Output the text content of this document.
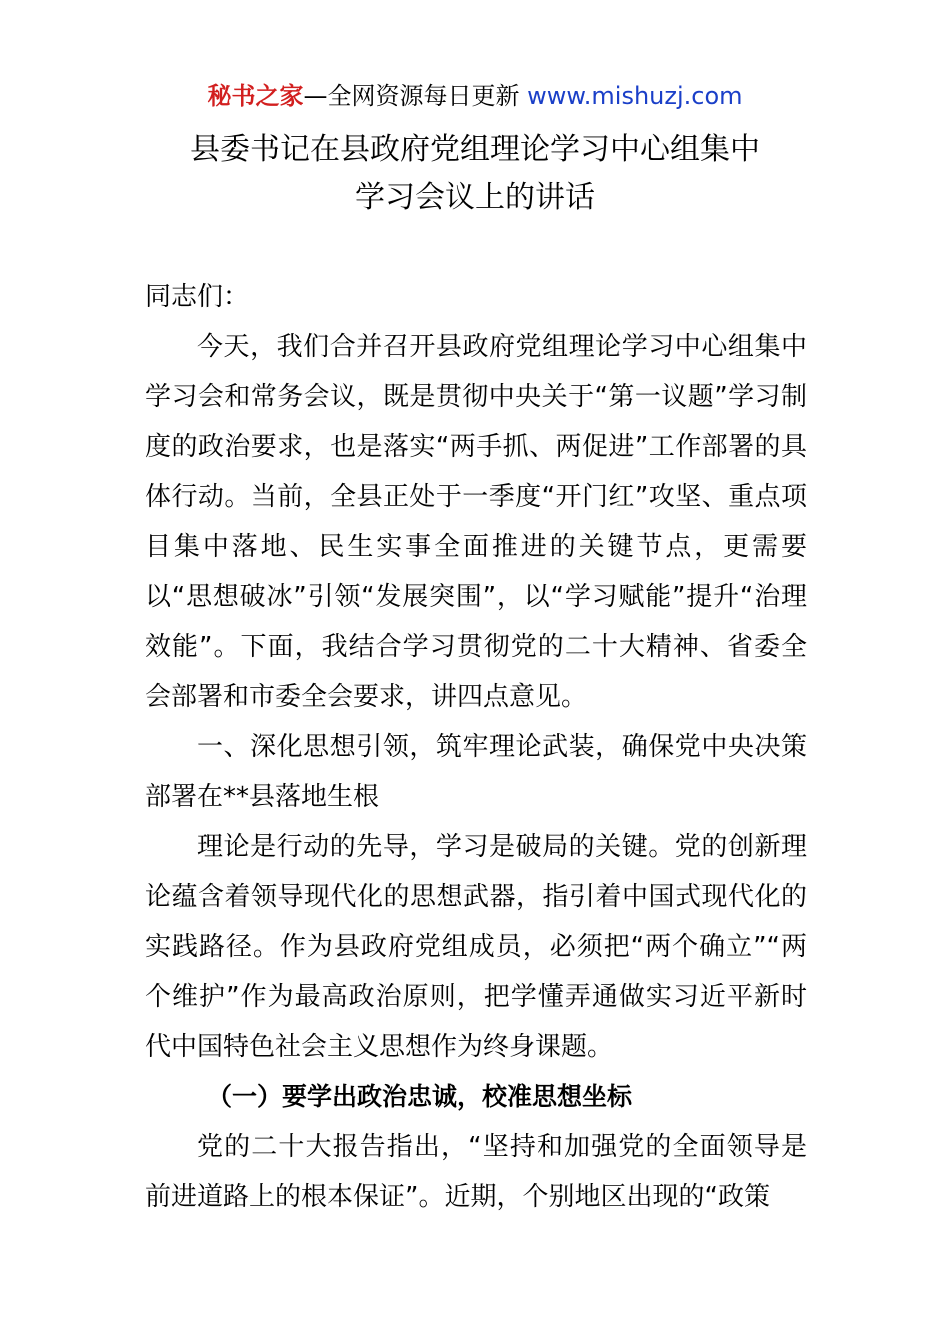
秘书之家—全网资源每日更新 www.mishuzj.com
县委书记在县政府党组理论学习中心组集中
学习会议上的讲话

同志们：

今天，我们合并召开县政府党组理论学习中心组集中学习会和常务会议，既是贯彻中央关于“第一议题”学习制度的政治要求，也是落实“两手抓、两促进”工作部署的具体行动。当前，全县正处于一季度“开门红”攻坚、重点项目集中落地、民生实事全面推进的关键节点，更需要以“思想破冰”引领“发展突围”，以“学习赋能”提升“治理效能”。下面，我结合学习贯彻党的二十大精神、省委全会部署和市委全会要求，讲四点意见。

一、深化思想引领，筑牢理论武装，确保党中央决策部署在**县落地生根

理论是行动的先导，学习是破局的关键。党的创新理论蕴含着领导现代化的思想武器，指引着中国式现代化的实践路径。作为县政府党组成员，必须把“两个确立”“两个维护”作为最高政治原则，把学懂弄通做实习近平新时代中国特色社会主义思想作为终身课题。

（一）要学出政治忠诚，校准思想坐标

党的二十大报告指出，“坚持和加强党的全面领导是前进道路上的根本保证”。近期，个别地区出现的“政策
